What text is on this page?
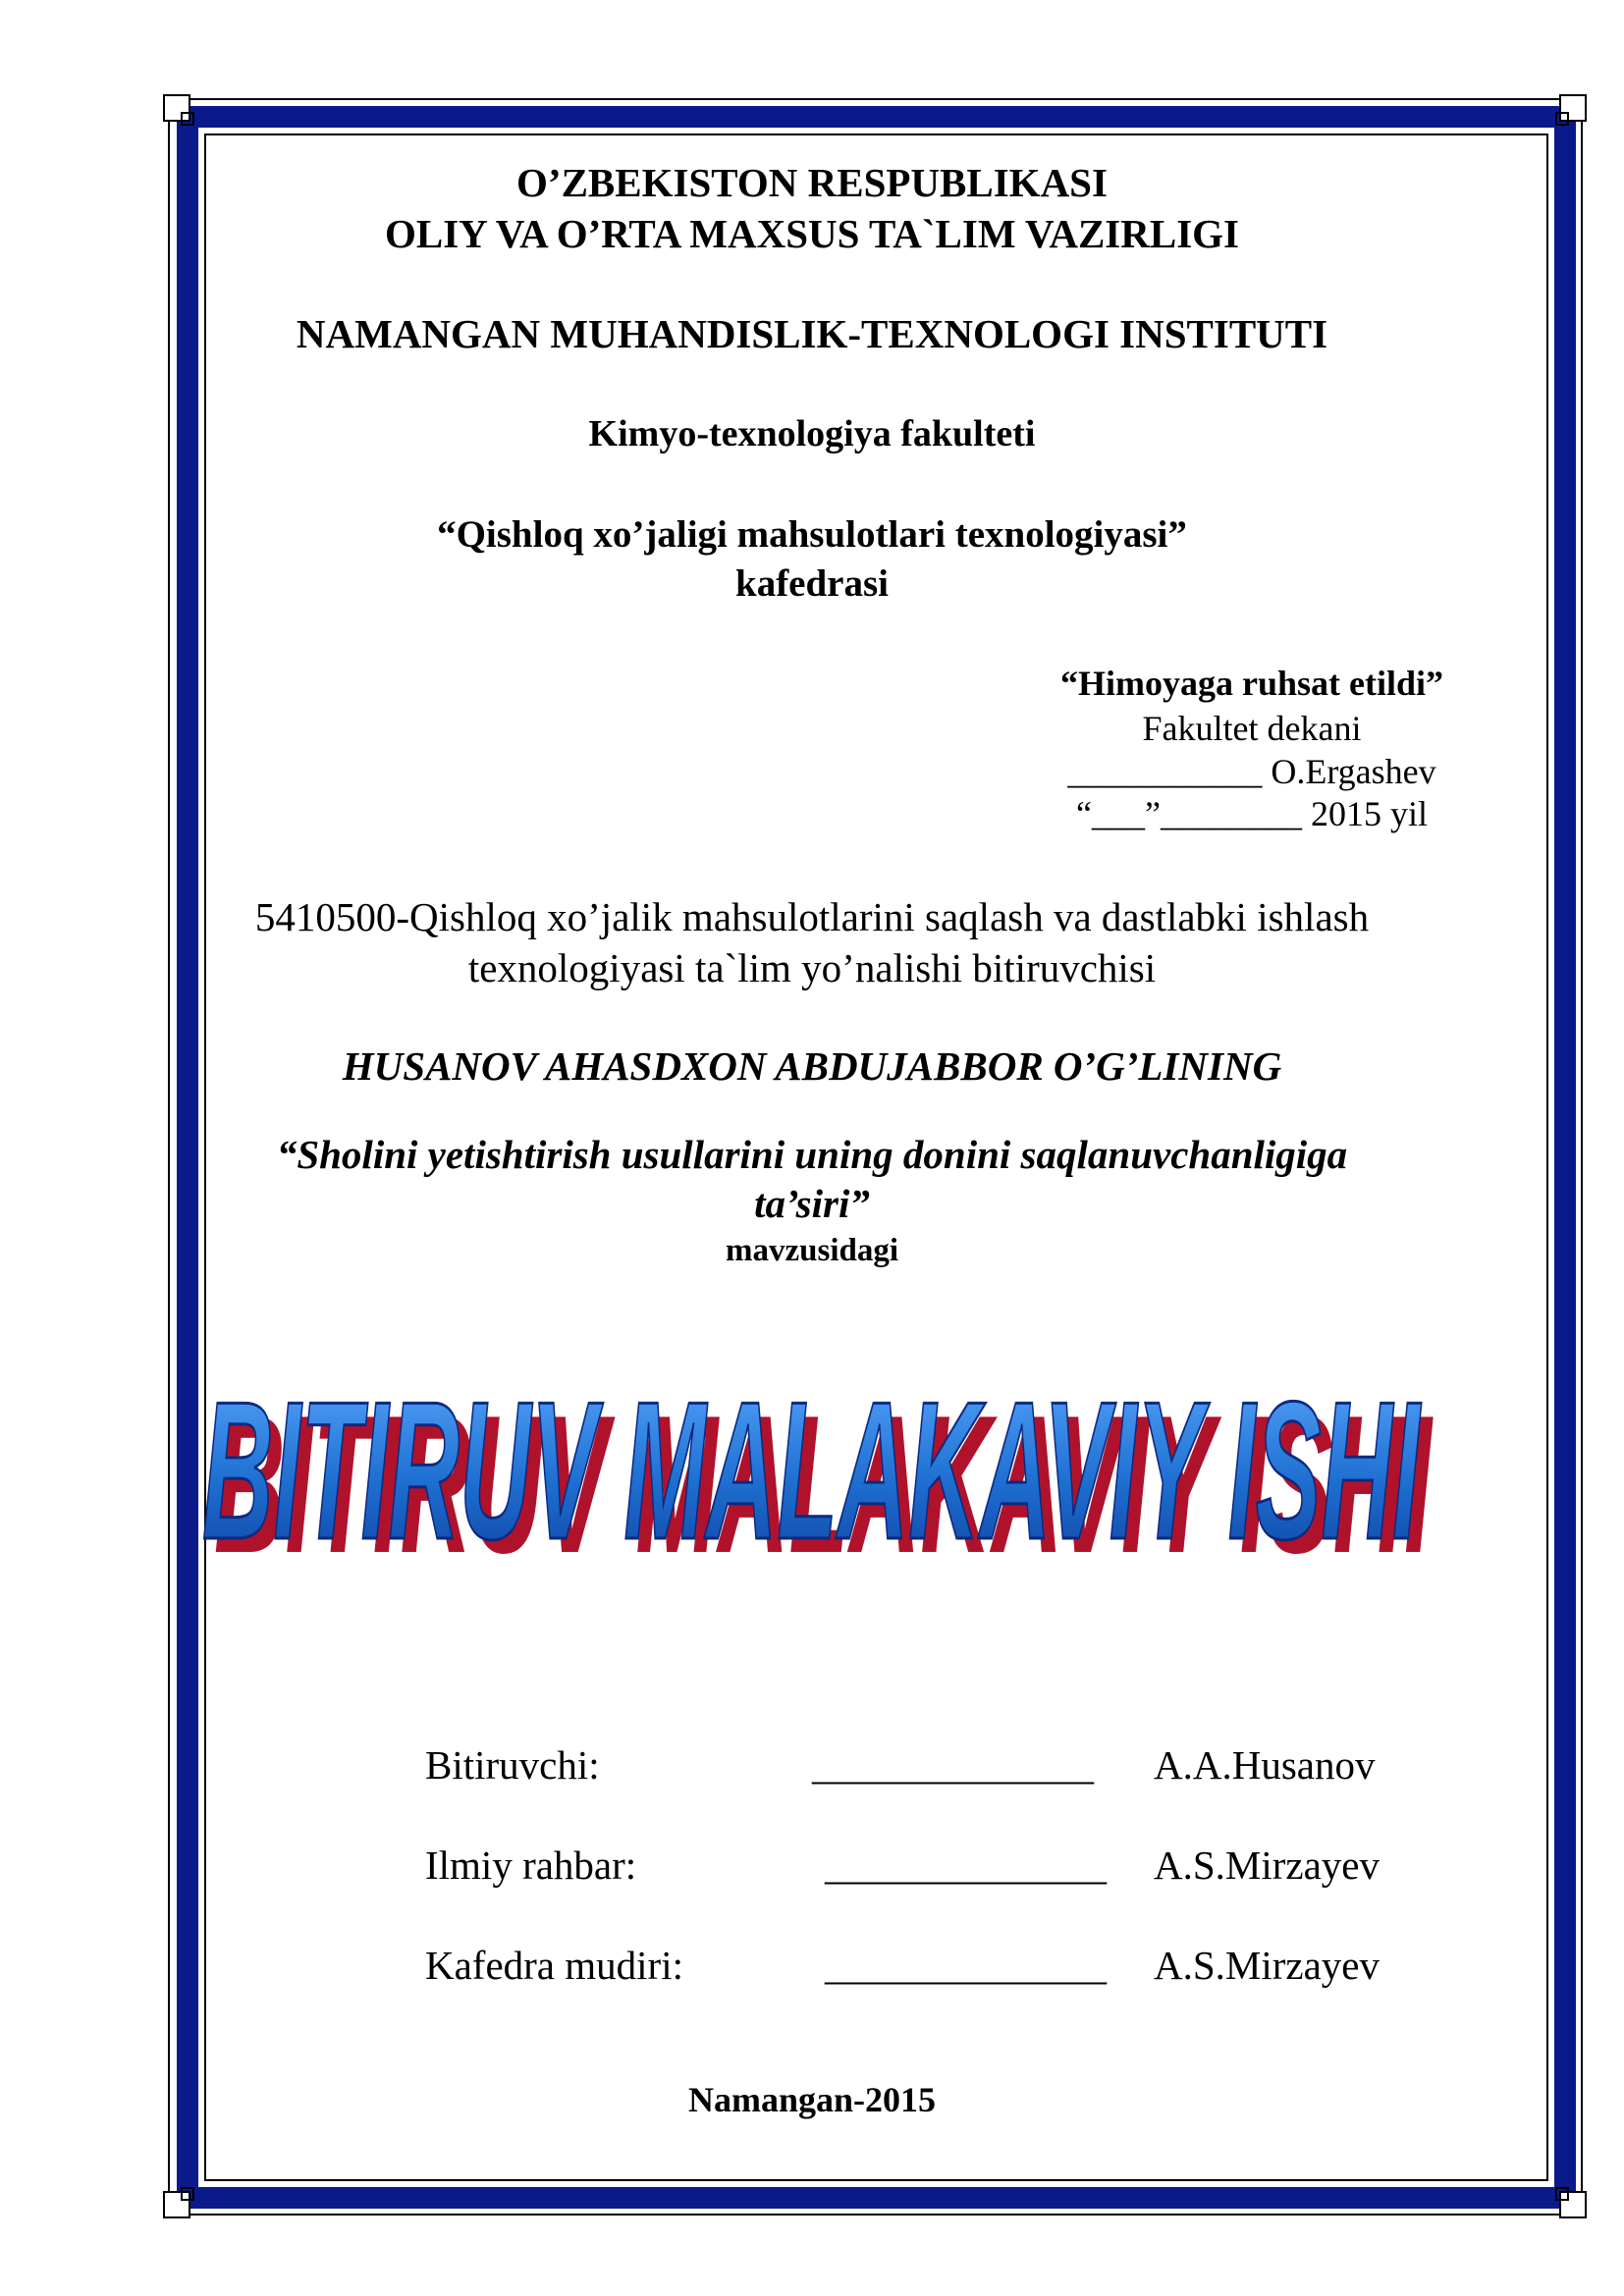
O’ZBEKISTON RESPUBLIKASI
OLIY VA O’RTA MAXSUS TA`LIM VAZIRLIGI
NAMANGAN MUHANDISLIK-TEXNOLOGI INSTITUTI
Kimyo-texnologiya fakulteti
“Qishloq xo’jaligi mahsulotlari texnologiyasi”
kafedrasi
“Himoyaga ruhsat etildi”
Fakultet dekani
___________ O.Ergashev
“___”________ 2015 yil
5410500-Qishloq xo’jalik mahsulotlarini saqlash va dastlabki ishlash
texnologiyasi ta`lim yo’nalishi bitiruvchisi
HUSANOV AHASDXON ABDUJABBOR O’G’LINING
“Sholini yetishtirish usullarini uning donini saqlanuvchanligiga
ta’siri”
mavzusidagi
BITIRUV MALAKAVIY ISHI
BITIRUV MALAKAVIY ISHI
Bitiruvchi:	______________ A.A.Husanov
Ilmiy rahbar:	______________ A.S.Mirzayev
Kafedra mudiri:	______________ A.S.Mirzayev
Namangan-2015
